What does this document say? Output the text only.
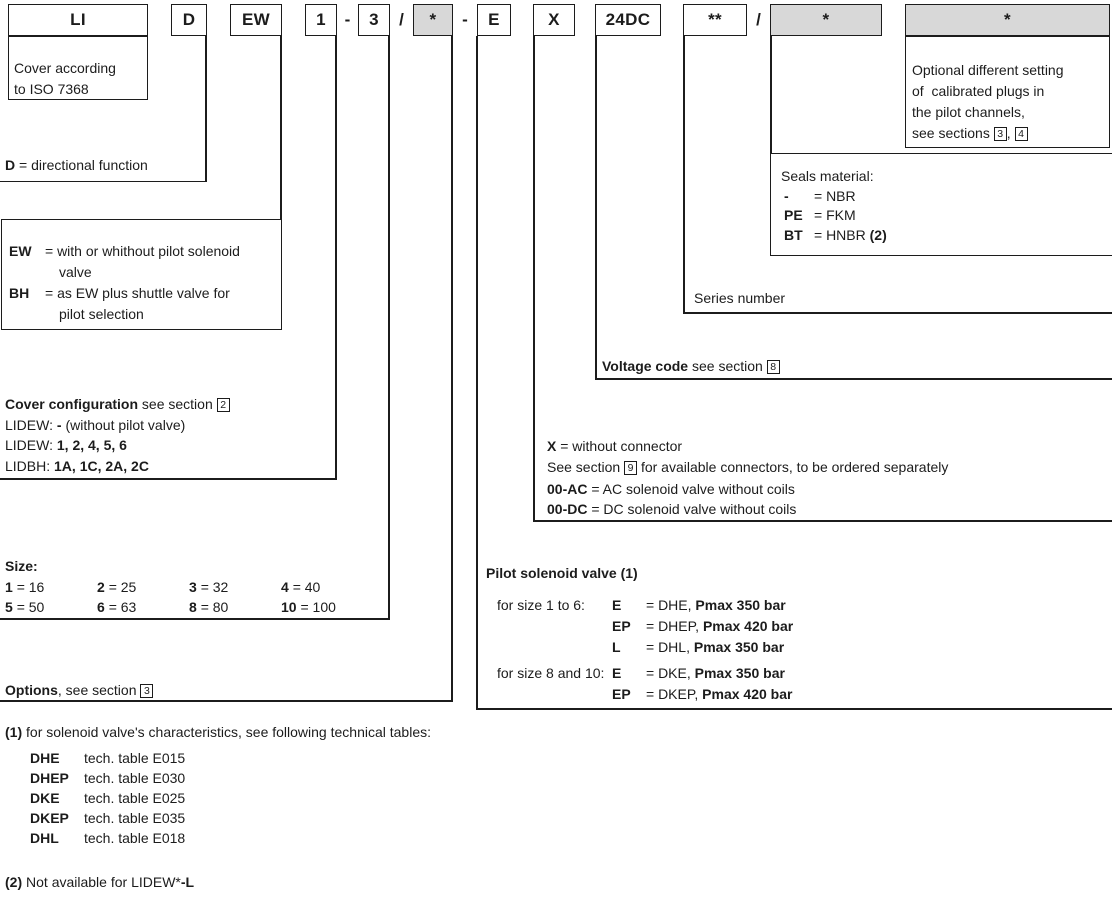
LI	D	EW	1	-	3	/	*	-	E	X	24DC	**	/	*	*
Cover according
to ISO 7368
D = directional function
EW = with or whithout pilot solenoid
valve
BH	= as EW plus shuttle valve for
pilot selection
Cover configuration see section 2
LIDEW: - (without pilot valve)
LIDEW: 1, 2, 4, 5, 6
LIDBH: 1A, 1C, 2A, 2C
Size:
1 = 16	2 = 25	3 = 32	4 = 40
5 = 50	6 = 63	8 = 80	10 = 100
Options, see section 3
Pilot solenoid valve (1)
for size 1 to 6: E = DHE, Pmax 350 bar
EP = DHEP, Pmax 420 bar
L = DHL, Pmax 350 bar
for size 8 and 10: E = DKE, Pmax 350 bar
EP = DKEP, Pmax 420 bar
X = without connector
See section 9 for available connectors, to be ordered separately
00-AC = AC solenoid valve without coils
00-DC = DC solenoid valve without coils
Voltage code see section 8
Series number
Seals material:
- = NBR
PE = FKM
BT = HNBR (2)
Optional different setting
of  calibrated plugs in
the pilot channels,
see sections 3 , 4
(1) for solenoid valve's characteristics, see following technical tables:
DHE tech. table E015
DHEP tech. table E030
DKE tech. table E025
DKEP tech. table E035
DHL tech. table E018
(2) Not available for LIDEW*-L
